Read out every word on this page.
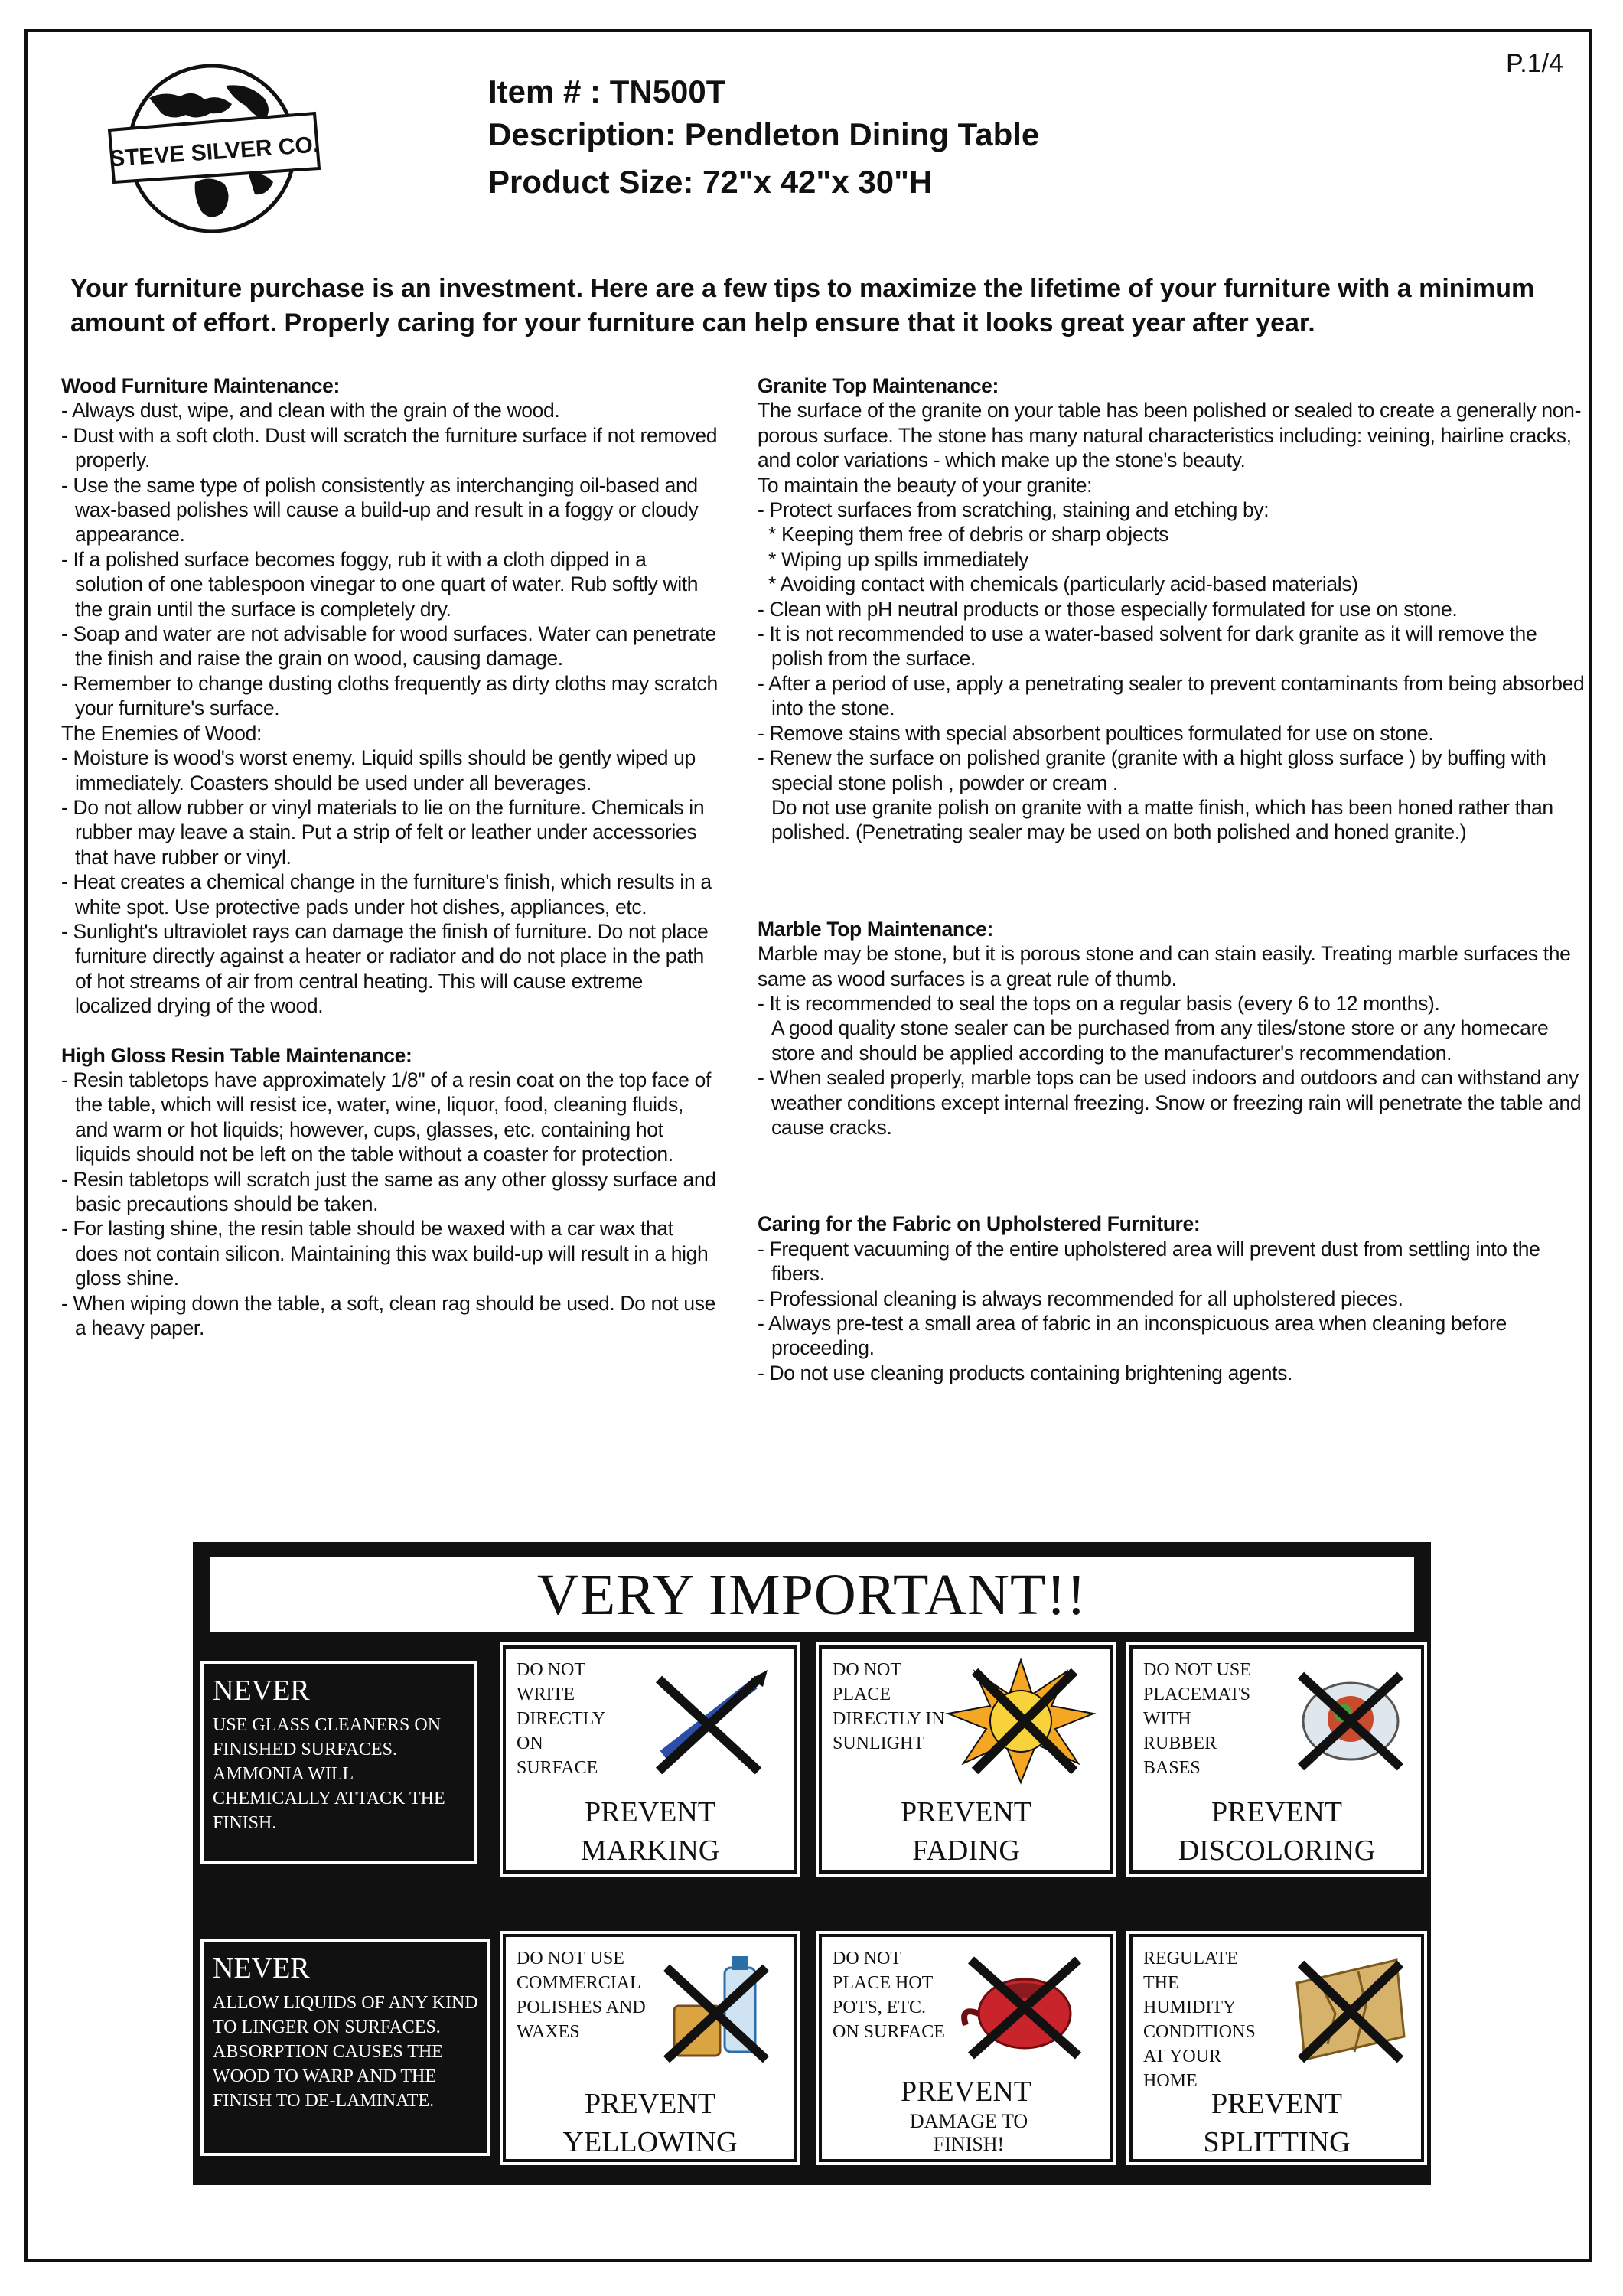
P.1/4
STEVE SILVER CO.

Item # : TN500T

Description: Pendleton Dining Table

Product Size: 72"x 42"x 30"H

Your furniture purchase is an investment. Here are a few tips to maximize the lifetime of your furniture with a minimum amount of effort. Properly caring for your furniture can help ensure that it looks great year after year.
Wood Furniture Maintenance:

- Always dust, wipe, and clean with the grain of the wood.

- Dust with a soft cloth. Dust will scratch the furniture surface if not removed properly.

- Use the same type of polish consistently as interchanging oil-based and wax-based polishes will cause a build-up and result in a foggy or cloudy appearance.

- If a polished surface becomes foggy, rub it with a cloth dipped in a solution of one tablespoon vinegar to one quart of water. Rub softly with the grain until the surface is completely dry.

- Soap and water are not advisable for wood surfaces. Water can penetrate the finish and raise the grain on wood, causing damage.

- Remember to change dusting cloths frequently as dirty cloths may scratch your furniture's surface.

The Enemies of Wood:

- Moisture is wood's worst enemy. Liquid spills should be gently wiped up immediately. Coasters should be used under all beverages.

- Do not allow rubber or vinyl materials to lie on the furniture. Chemicals in rubber may leave a stain. Put a strip of felt or leather under accessories that have rubber or vinyl.

- Heat creates a chemical change in the furniture's finish, which results in a white spot. Use protective pads under hot dishes, appliances, etc.

- Sunlight's ultraviolet rays can damage the finish of furniture. Do not place furniture directly against a heater or radiator and do not place in the path of hot streams of air from central heating. This will cause extreme localized drying of the wood.

High Gloss Resin Table Maintenance:

- Resin tabletops have approximately 1/8" of a resin coat on the top face of the table, which will resist ice, water, wine, liquor, food, cleaning fluids, and warm or hot liquids; however, cups, glasses, etc. containing hot liquids should not be left on the table without a coaster for protection.

- Resin tabletops will scratch just the same as any other glossy surface and basic precautions should be taken.

- For lasting shine, the resin table should be waxed with a car wax that does not contain silicon. Maintaining this wax build-up will result in a high gloss shine.

- When wiping down the table, a soft, clean rag should be used. Do not use a heavy paper.

Granite Top Maintenance:

The surface of the granite on your table has been polished or sealed to create a generally non-porous surface. The stone has many natural characteristics including: veining, hairline cracks, and color variations - which make up the stone's beauty.

To maintain the beauty of your granite:

- Protect surfaces from scratching, staining and etching by:

* Keeping them free of debris or sharp objects

* Wiping up spills immediately

* Avoiding contact with chemicals (particularly acid-based materials)

- Clean with pH neutral products or those especially formulated for use on stone.

- It is not recommended to use a water-based solvent for dark granite as it will remove the polish from the surface.

- After a period of use, apply a penetrating sealer to prevent contaminants from being absorbed into the stone.

- Remove stains with special absorbent poultices formulated for use on stone.

- Renew the surface on polished granite (granite with a hight gloss surface ) by buffing with special stone polish , powder or cream .

Do not use granite polish on granite with a matte finish, which has been honed rather than polished. (Penetrating sealer may be used on both polished and honed granite.)

Marble Top Maintenance:

Marble may be stone, but it is porous stone and can stain easily. Treating marble surfaces the same as wood surfaces is a great rule of thumb.

- It is recommended to seal the tops on a regular basis (every 6 to 12 months).

A good quality stone sealer can be purchased from any tiles/stone store or any homecare store and should be applied according to the manufacturer's recommendation.

- When sealed properly, marble tops can be used indoors and outdoors and can withstand any weather conditions except internal freezing. Snow or freezing rain will penetrate the table and cause cracks.

Caring for the Fabric on Upholstered Furniture:

- Frequent vacuuming of the entire upholstered area will prevent dust from settling into the fibers.

- Professional cleaning is always recommended for all upholstered pieces.

- Always pre-test a small area of fabric in an inconspicuous area when cleaning before proceeding.

- Do not use cleaning products containing brightening agents.

VERY IMPORTANT!!
NEVER
USE GLASS CLEANERS ON FINISHED SURFACES. AMMONIA WILL CHEMICALLY ATTACK THE FINISH.
NEVER
ALLOW LIQUIDS OF ANY KIND TO LINGER ON SURFACES. ABSORPTION CAUSES THE WOOD TO WARP AND THE FINISH TO DE-LAMINATE.
DO NOT WRITE DIRECTLY ON SURFACE
PREVENT
MARKING
DO NOT PLACE DIRECTLY IN SUNLIGHT
PREVENT
FADING
DO NOT USE PLACEMATS WITH RUBBER BASES
PREVENT
DISCOLORING
DO NOT USE COMMERCIAL POLISHES AND WAXES
PREVENT
YELLOWING
DO NOT PLACE HOT POTS, ETC. ON SURFACE
PREVENT
DAMAGE TO FINISH!
REGULATE THE HUMIDITY CONDITIONS AT YOUR HOME
PREVENT
SPLITTING
